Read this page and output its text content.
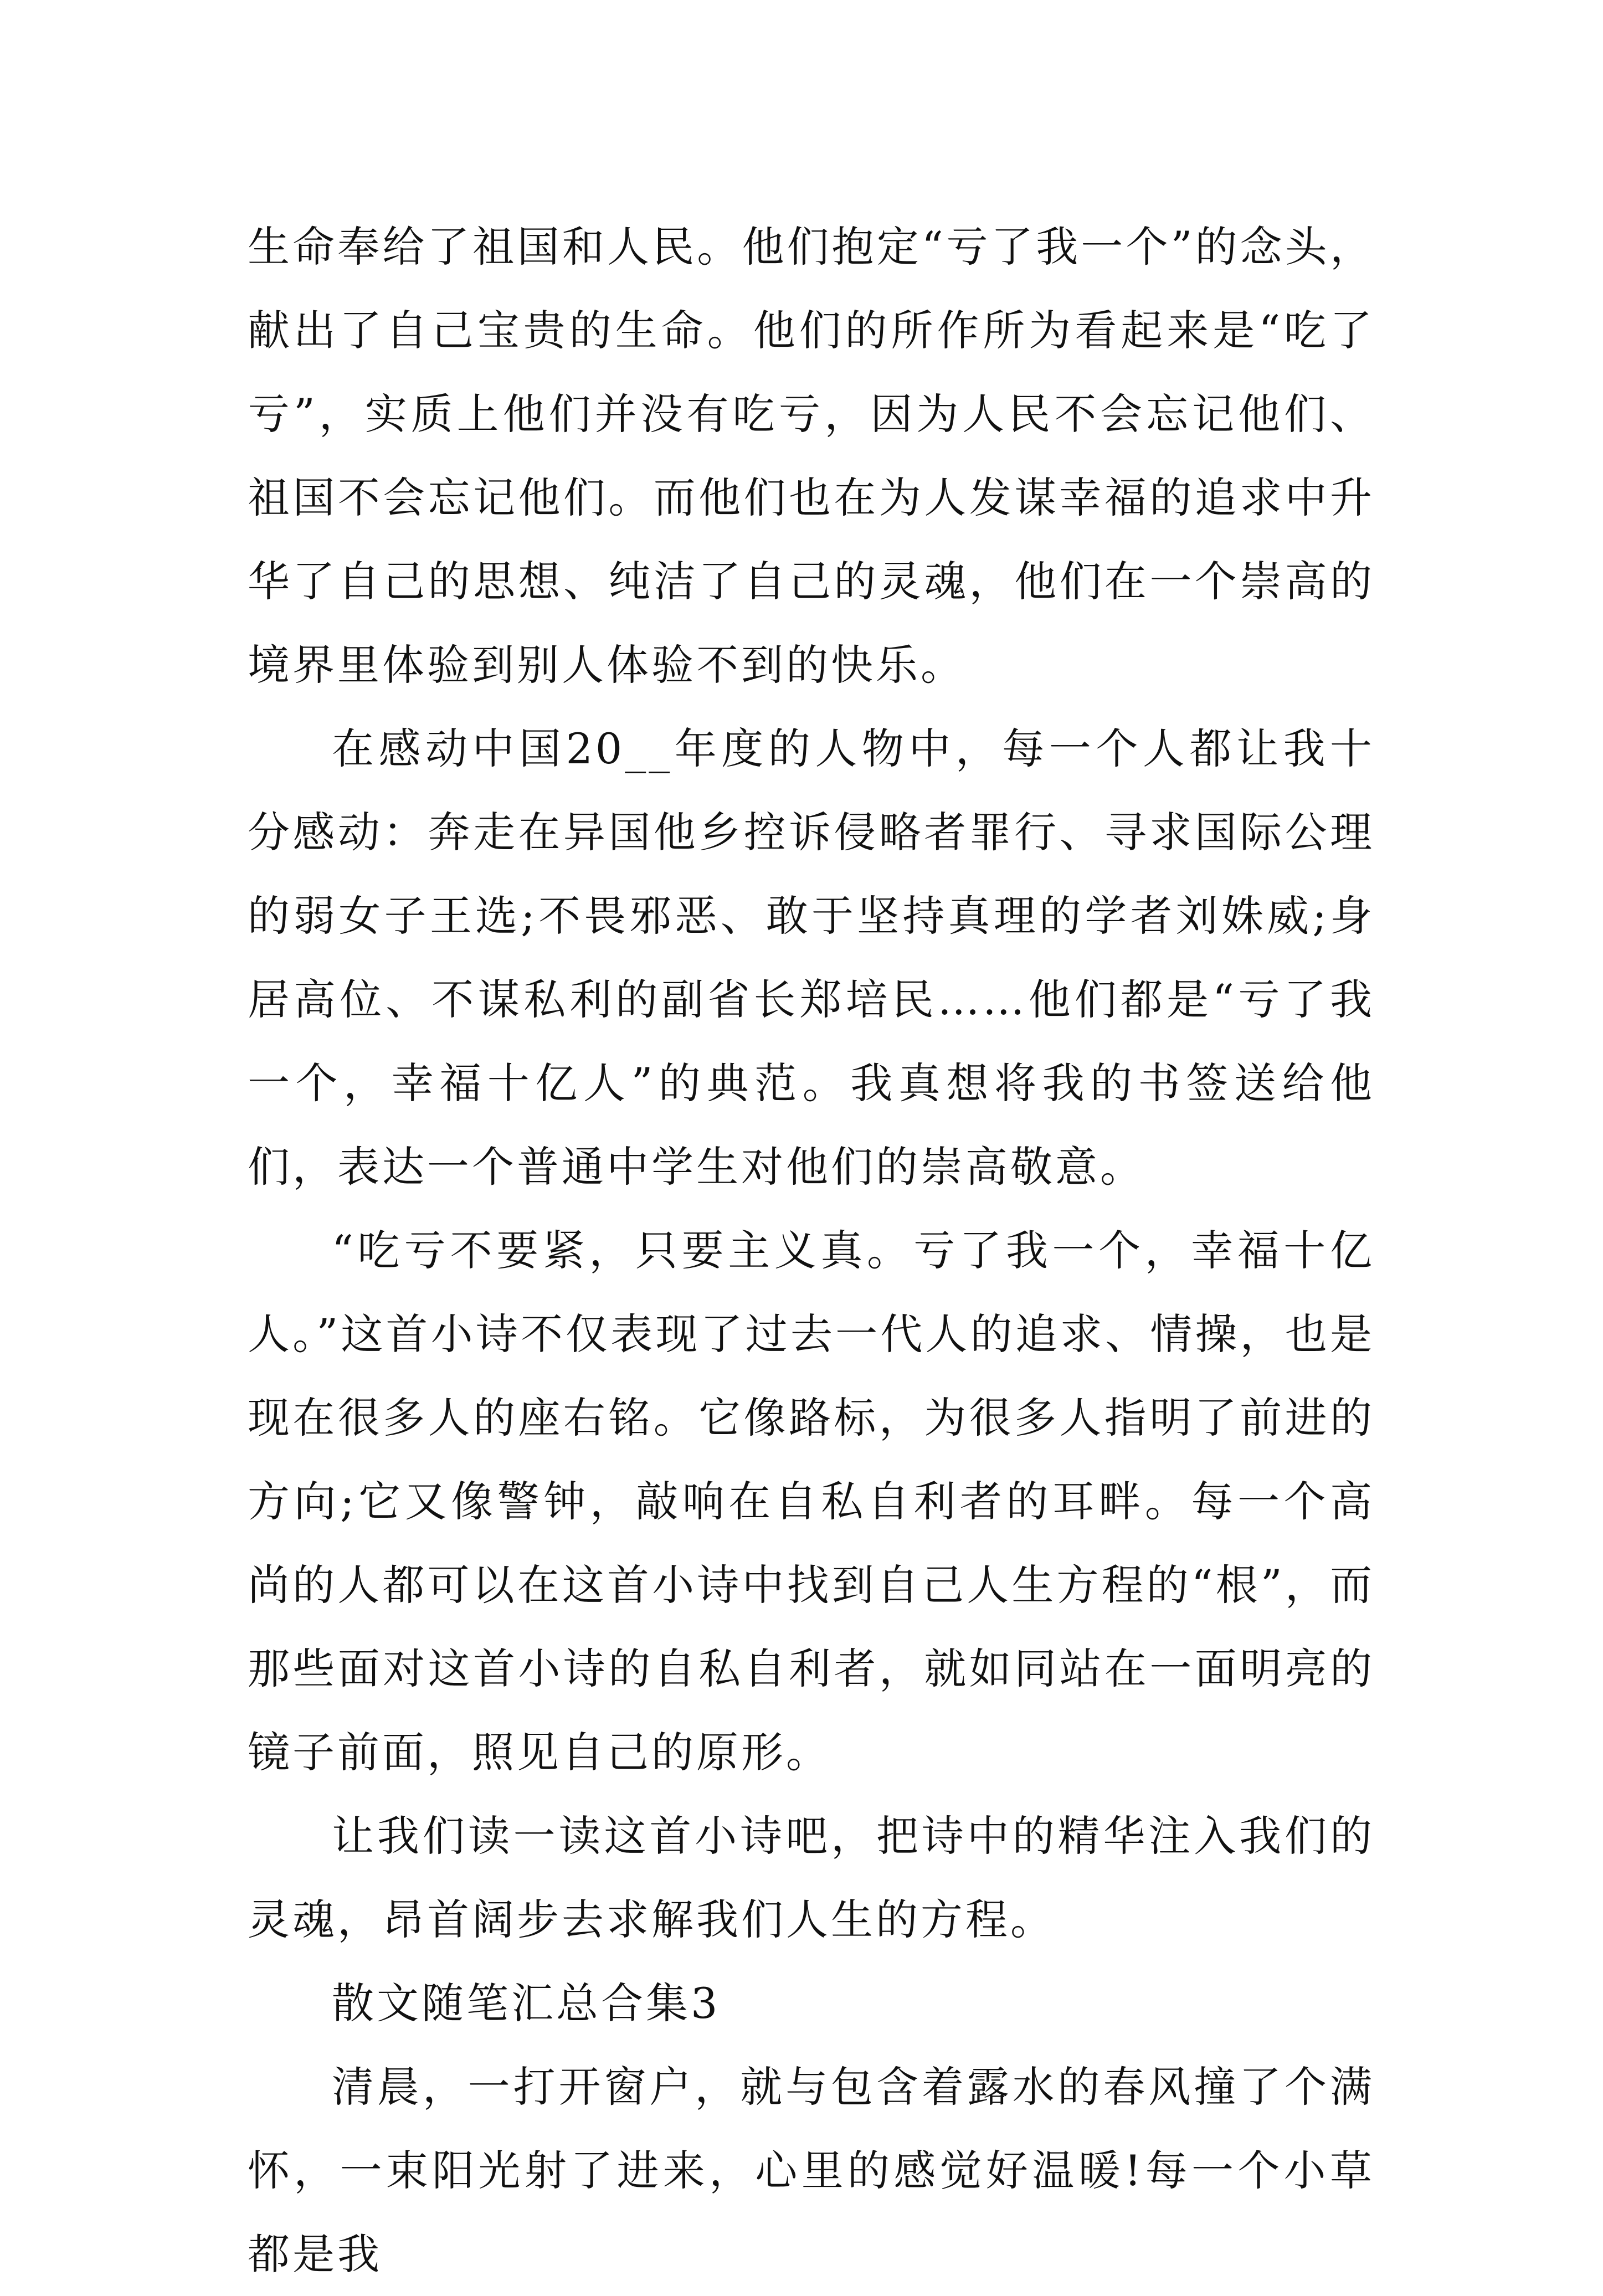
生命奉给了祖国和人民。他们抱定“亏了我一个”的念头，献出了自己宝贵的生命。他们的所作所为看起来是“吃了亏”，实质上他们并没有吃亏，因为人民不会忘记他们、祖国不会忘记他们。而他们也在为人发谋幸福的追求中升华了自己的思想、纯洁了自己的灵魂，他们在一个崇高的境界里体验到别人体验不到的快乐。

在感动中国20__年度的人物中，每一个人都让我十分感动：奔走在异国他乡控诉侵略者罪行、寻求国际公理的弱女子王选;不畏邪恶、敢于坚持真理的学者刘姝威;身居高位、不谋私利的副省长郑培民……他们都是“亏了我一个，幸福十亿人”的典范。我真想将我的书签送给他们，表达一个普通中学生对他们的崇高敬意。

“吃亏不要紧，只要主义真。亏了我一个，幸福十亿人。”这首小诗不仅表现了过去一代人的追求、情操，也是现在很多人的座右铭。它像路标，为很多人指明了前进的方向;它又像警钟，敲响在自私自利者的耳畔。每一个高尚的人都可以在这首小诗中找到自己人生方程的“根”，而那些面对这首小诗的自私自利者，就如同站在一面明亮的镜子前面，照见自己的原形。

让我们读一读这首小诗吧，把诗中的精华注入我们的灵魂，昂首阔步去求解我们人生的方程。

散文随笔汇总合集3

清晨，一打开窗户，就与包含着露水的春风撞了个满怀，一束阳光射了进来，心里的感觉好温暖!每一个小草都是我
